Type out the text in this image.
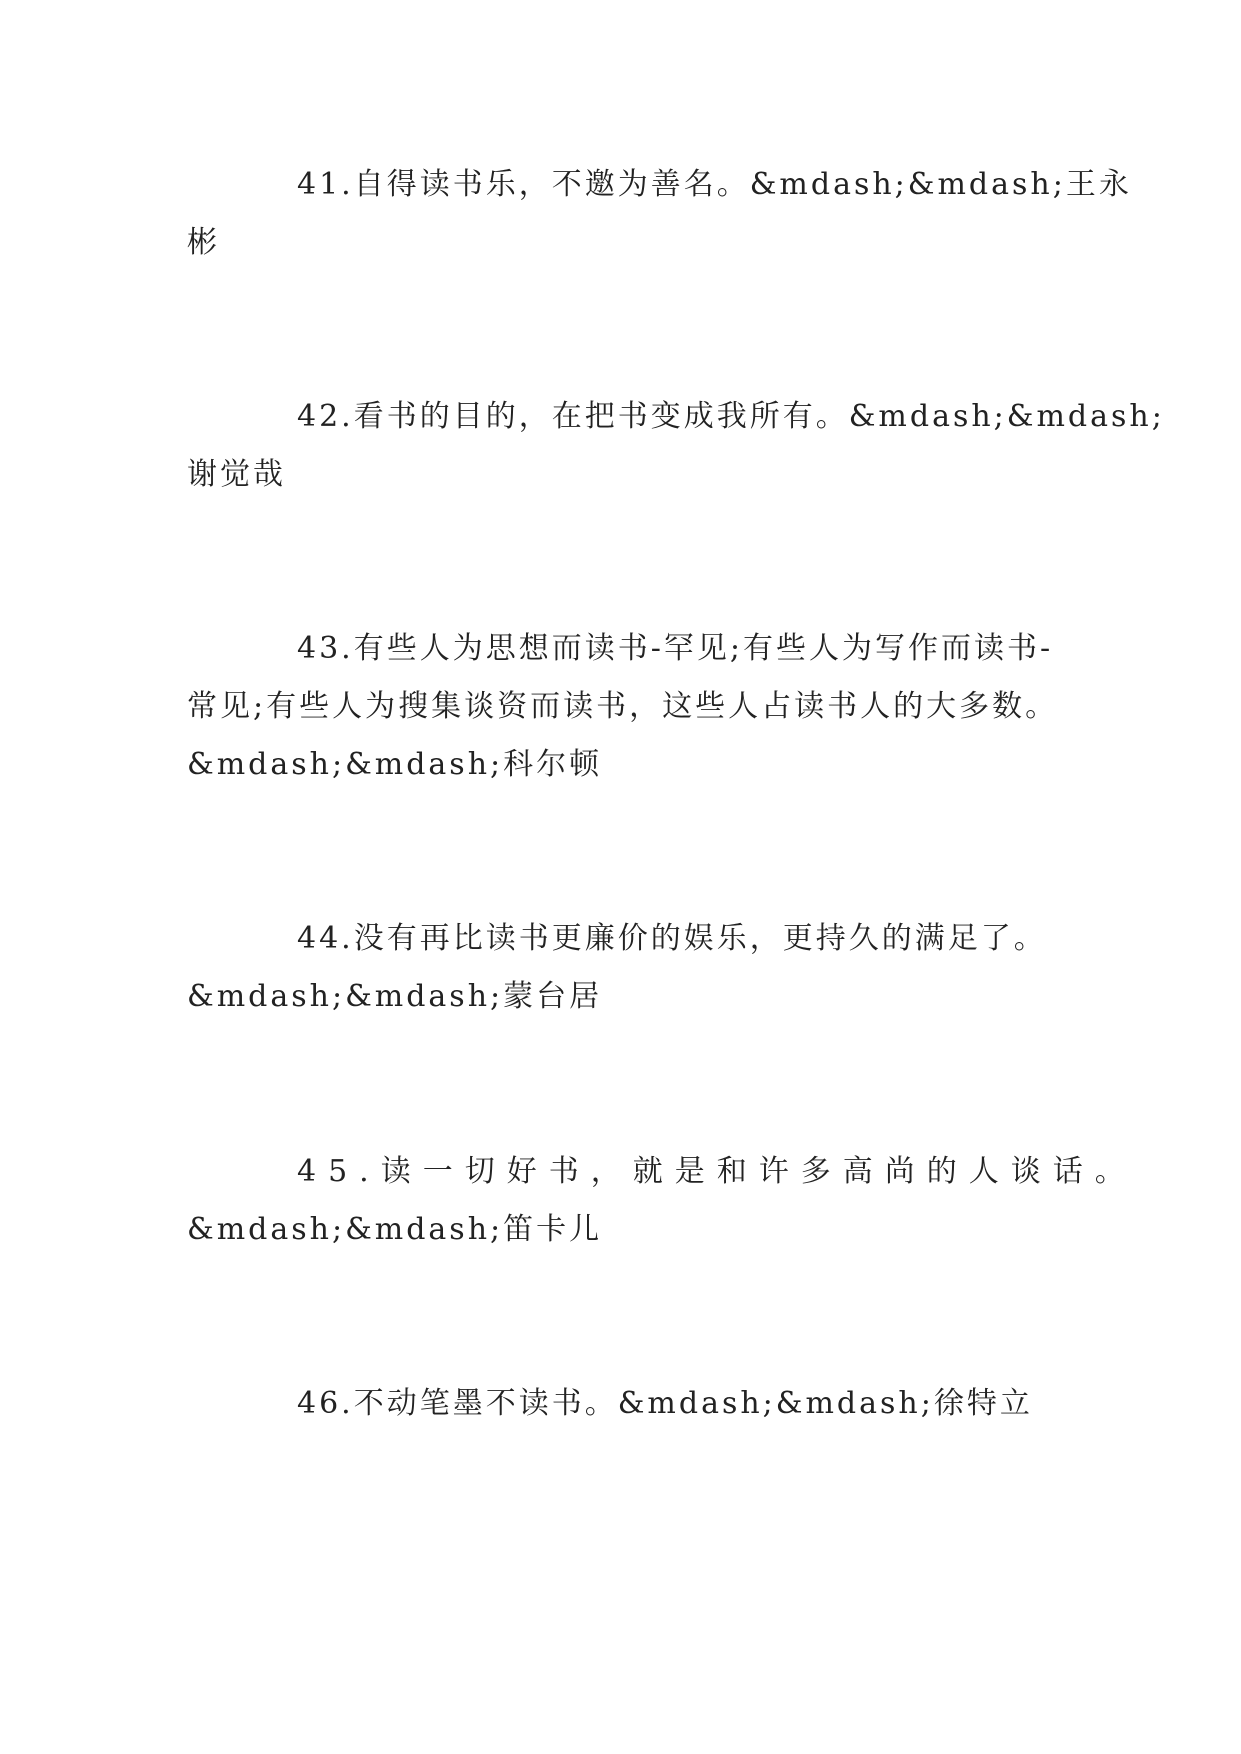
41.自得读书乐，不邀为善名。&mdash;&mdash;王永
彬
42.看书的目的，在把书变成我所有。&mdash;&mdash;
谢觉哉
43.有些人为思想而读书-罕见;有些人为写作而读书-
常见;有些人为搜集谈资而读书，这些人占读书人的大多数。
&mdash;&mdash;科尔顿
44.没有再比读书更廉价的娱乐，更持久的满足了。
&mdash;&mdash;蒙台居
45.读一切好书，就是和许多高尚的人谈话。
&mdash;&mdash;笛卡儿
46.不动笔墨不读书。&mdash;&mdash;徐特立
